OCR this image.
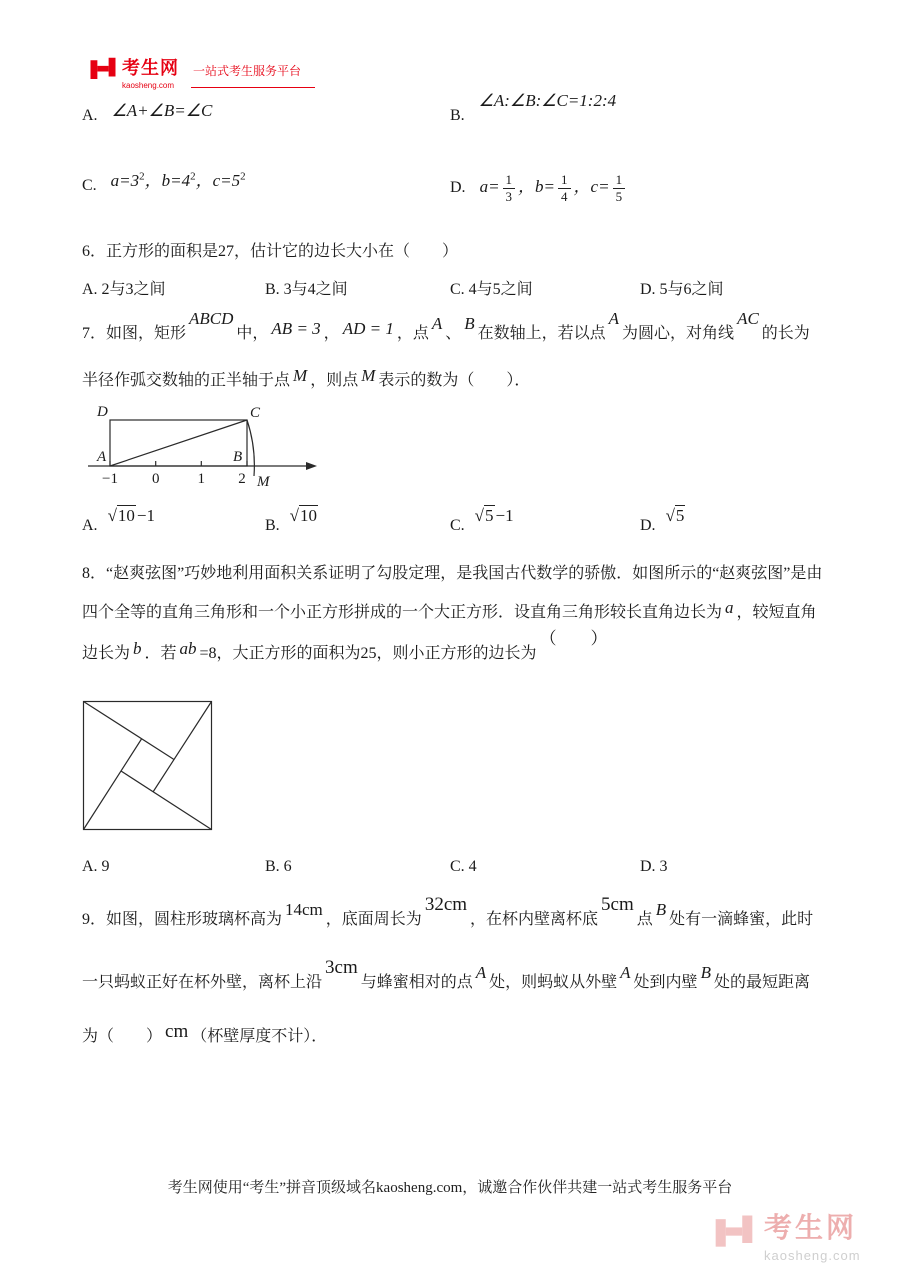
考生网
kaosheng.com
一站式考生服务平台
A. ∠A+∠B=∠C	B. ∠A:∠B:∠C=1:2:4
C. $a=3^2$，$b=4^2$，$c=5^2$
D. $a= \frac{1}{3}$ ，$b= \frac{1}{4}$ ，$c= \frac{1}{5}$
6．正方形的面积是27，估计它的边长大小在（　　）
A. 2与3之间	B. 3与4之间	C. 4与5之间	D. 5与6之间
7．如图，矩形ABCD中， AB = 3 ， AD = 1 ，点A、B在数轴上，若以点A为圆心，对角线AC的长为
半径作弧交数轴的正半轴于点 M ，则点 M 表示的数为（　　）．
D	C
A	B
−1 0	1 2 M
A.√10 −1
B.√10
C.√5 −1
D.√5
8．“赵爽弦图”巧妙地利用面积关系证明了勾股定理，是我国古代数学的骄傲．如图所示的“赵爽弦图”是由
四个全等的直角三角形和一个小正方形拼成的一个大正方形．设直角三角形较长直角边长为 a ，较短直角
边长为 b ．若 ab =8，大正方形的面积为25，则小正方形的边长为（　　）
A. 9	B. 6	C. 4	D. 3
9．如图，圆柱形玻璃杯高为14cm，底面周长为32cm，在杯内壁离杯底5cm点B处有一滴蜂蜜，此时
一只蚂蚁正好在杯外壁，离杯上沿3cm与蜂蜜相对的点A处，则蚂蚁从外壁A处到内壁B处的最短距离
为（　　） cm （杯壁厚度不计）．
考生网使用“考生”拼音顶级域名kaosheng.com，诚邀合作伙伴共建一站式考生服务平台
考生网
kaosheng.com
